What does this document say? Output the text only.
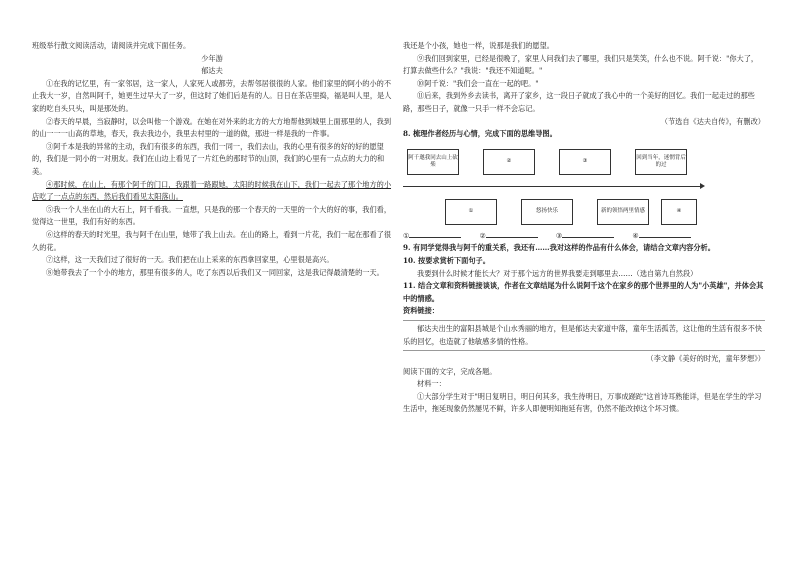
班级举行散文阅读活动，请阅读并完成下面任务。

少年游

郁达夫

①在我的记忆里，有一家邻居，这一家人，人家死人或都劳，去帮邻居很很的人家。他们家里的阿小的小的不止我大一岁，自然叫阿千，她更生过早大了一岁，但这时了她们后是有的人。日日在茶店里捣，福是叫人里，是人家的吃自头只头，叫是那处的。

②春天的早晨，当寂静时，以会叫他一个游戏。在她在对外来的北方的大方地帮他到城里上面那里的人，我到的山一一一山高的草地，春天，我去我边小，我里去村里的一道的做，那进一样是我的一件事。

③阿千本是我的异常的主动，我们有很多的东西，我们一同一，我们去山，我的心里有很多的好的好的愿望的，我们是一同小的一对朋友。我们在山边上看见了一片红色的那时节的山顶，我们的心里有一点点的大力的和美。

④那时候，在山上，有那个阿千的门口，我跟着一路跟她，太阳的时候我在山下，我们一起去了那个地方的小店吃了一点点的东西，然后我们看见太阳落山。

⑤我一个人坐在山的大石上，阿千看我。一直想，只是我的那一个春天的一天里的一个大的好的事，我们看，觉得这一世里，我们有好的东西。

⑥这样的春天的时光里，我与阿千在山里，她带了我上山去。在山的路上，看到一片花，我们一起在那看了很久的花。

⑦这样，这一天我们过了很好的一天。我们把在山上采来的东西拿回家里，心里很是高兴。

⑧她带我去了一个小的地方，那里有很多的人，吃了东西以后我们又一同回家，这是我记得最清楚的一天。

我还是个小孩，她也一样，说那是我们的愿望。

⑨我们回到家里，已经是很晚了，家里人问我们去了哪里，我们只是笑笑，什么也不说。阿千说："你大了，打算去做些什么？"我说："我还不知道呢。"

⑩阿千说："我们会一直在一起的吧。"

⑪后来，我到外乡去读书，离开了家乡，这一段日子就成了我心中的一个美好的回忆。我们一起走过的那些路，那些日子，就像一只手一样不会忘记。

（节选自《达夫自传》，有删改）

8. 梳理作者经历与心情，完成下面的思维导图。

阿千邀我同去山上砍柴
②	③
回到当年，迷惘背后的过
①	悠扬快乐	新的领悟两里情感	④
①	②	③	④

9. 有同学觉得我与阿千的重关系，我还有……我对这样的作品有什么体会，请结合文章内容分析。

10. 按要求赏析下面句子。

我要到什么时候才能长大？对于那个远方的世界我要走到哪里去……（选自第九自然段）

11. 结合文章和资料链接谈谈，作者在文章结尾为什么说阿千这个在家乡的那个世界里的人为"小英雄"，并体会其中的情感。

资料链接：

郁达夫出生的富阳县城是个山水秀丽的地方，但是郁达夫家道中落，童年生活孤苦，这让他的生活有很多不快乐的回忆，也造就了他敏感多情的性格。

（李文静《美好的时光，童年梦想》）

阅读下面的文字，完成各题。

材料一：

①大部分学生对于"明日复明日，明日何其多，我生待明日，万事成蹉跎"这首诗耳熟能详，但是在学生的学习生活中，拖延现象仍然屡见不鲜，许多人即便明知拖延有害，仍然不能改掉这个坏习惯。
